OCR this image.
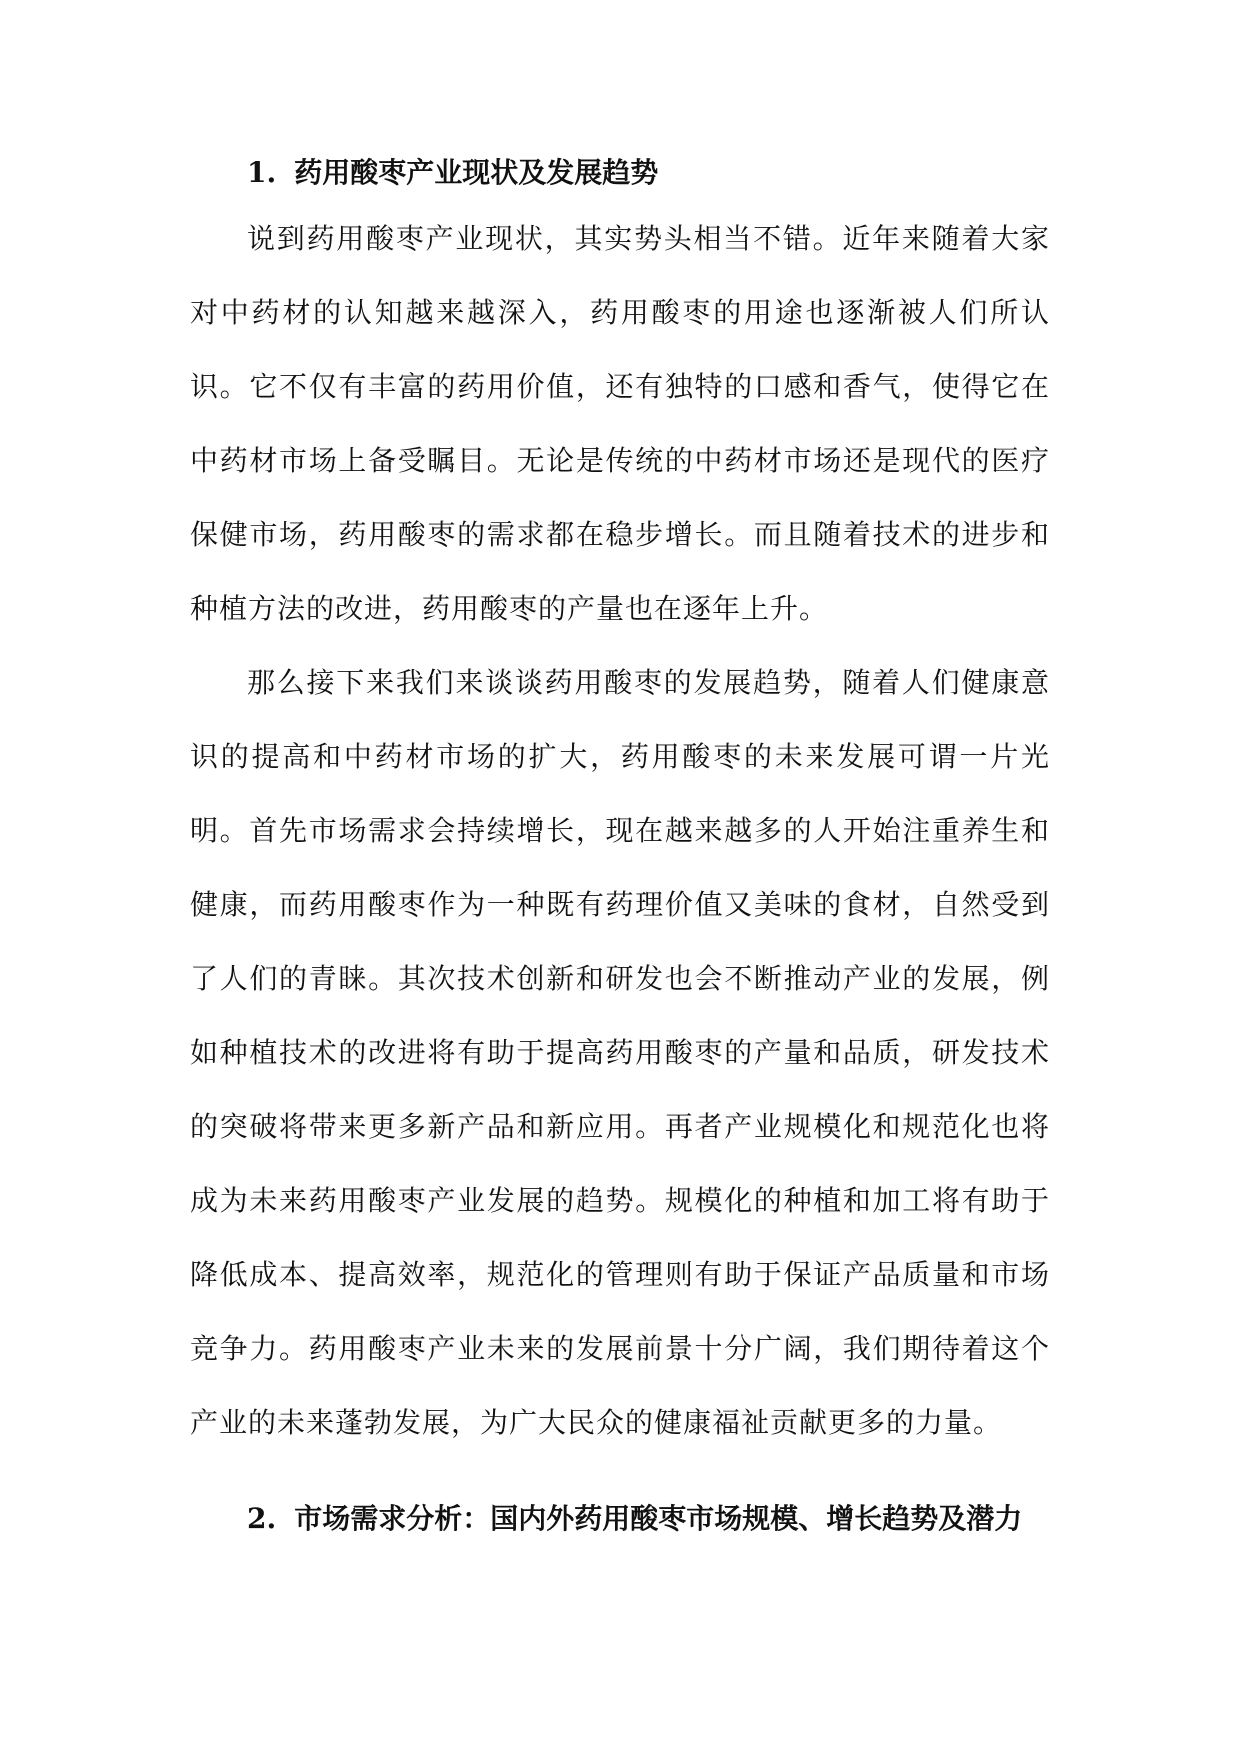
1. 药用酸枣产业现状及发展趋势

说到药用酸枣产业现状，其实势头相当不错。近年来随着大家对中药材的认知越来越深入，药用酸枣的用途也逐渐被人们所认识。它不仅有丰富的药用价值，还有独特的口感和香气，使得它在中药材市场上备受瞩目。无论是传统的中药材市场还是现代的医疗保健市场，药用酸枣的需求都在稳步增长。而且随着技术的进步和种植方法的改进，药用酸枣的产量也在逐年上升。

那么接下来我们来谈谈药用酸枣的发展趋势，随着人们健康意识的提高和中药材市场的扩大，药用酸枣的未来发展可谓一片光明。首先市场需求会持续增长，现在越来越多的人开始注重养生和健康，而药用酸枣作为一种既有药理价值又美味的食材，自然受到了人们的青睐。其次技术创新和研发也会不断推动产业的发展，例如种植技术的改进将有助于提高药用酸枣的产量和品质，研发技术的突破将带来更多新产品和新应用。再者产业规模化和规范化也将成为未来药用酸枣产业发展的趋势。规模化的种植和加工将有助于降低成本、提高效率，规范化的管理则有助于保证产品质量和市场竞争力。药用酸枣产业未来的发展前景十分广阔，我们期待着这个产业的未来蓬勃发展，为广大民众的健康福祉贡献更多的力量。

2. 市场需求分析：国内外药用酸枣市场规模、增长趋势及潜力
